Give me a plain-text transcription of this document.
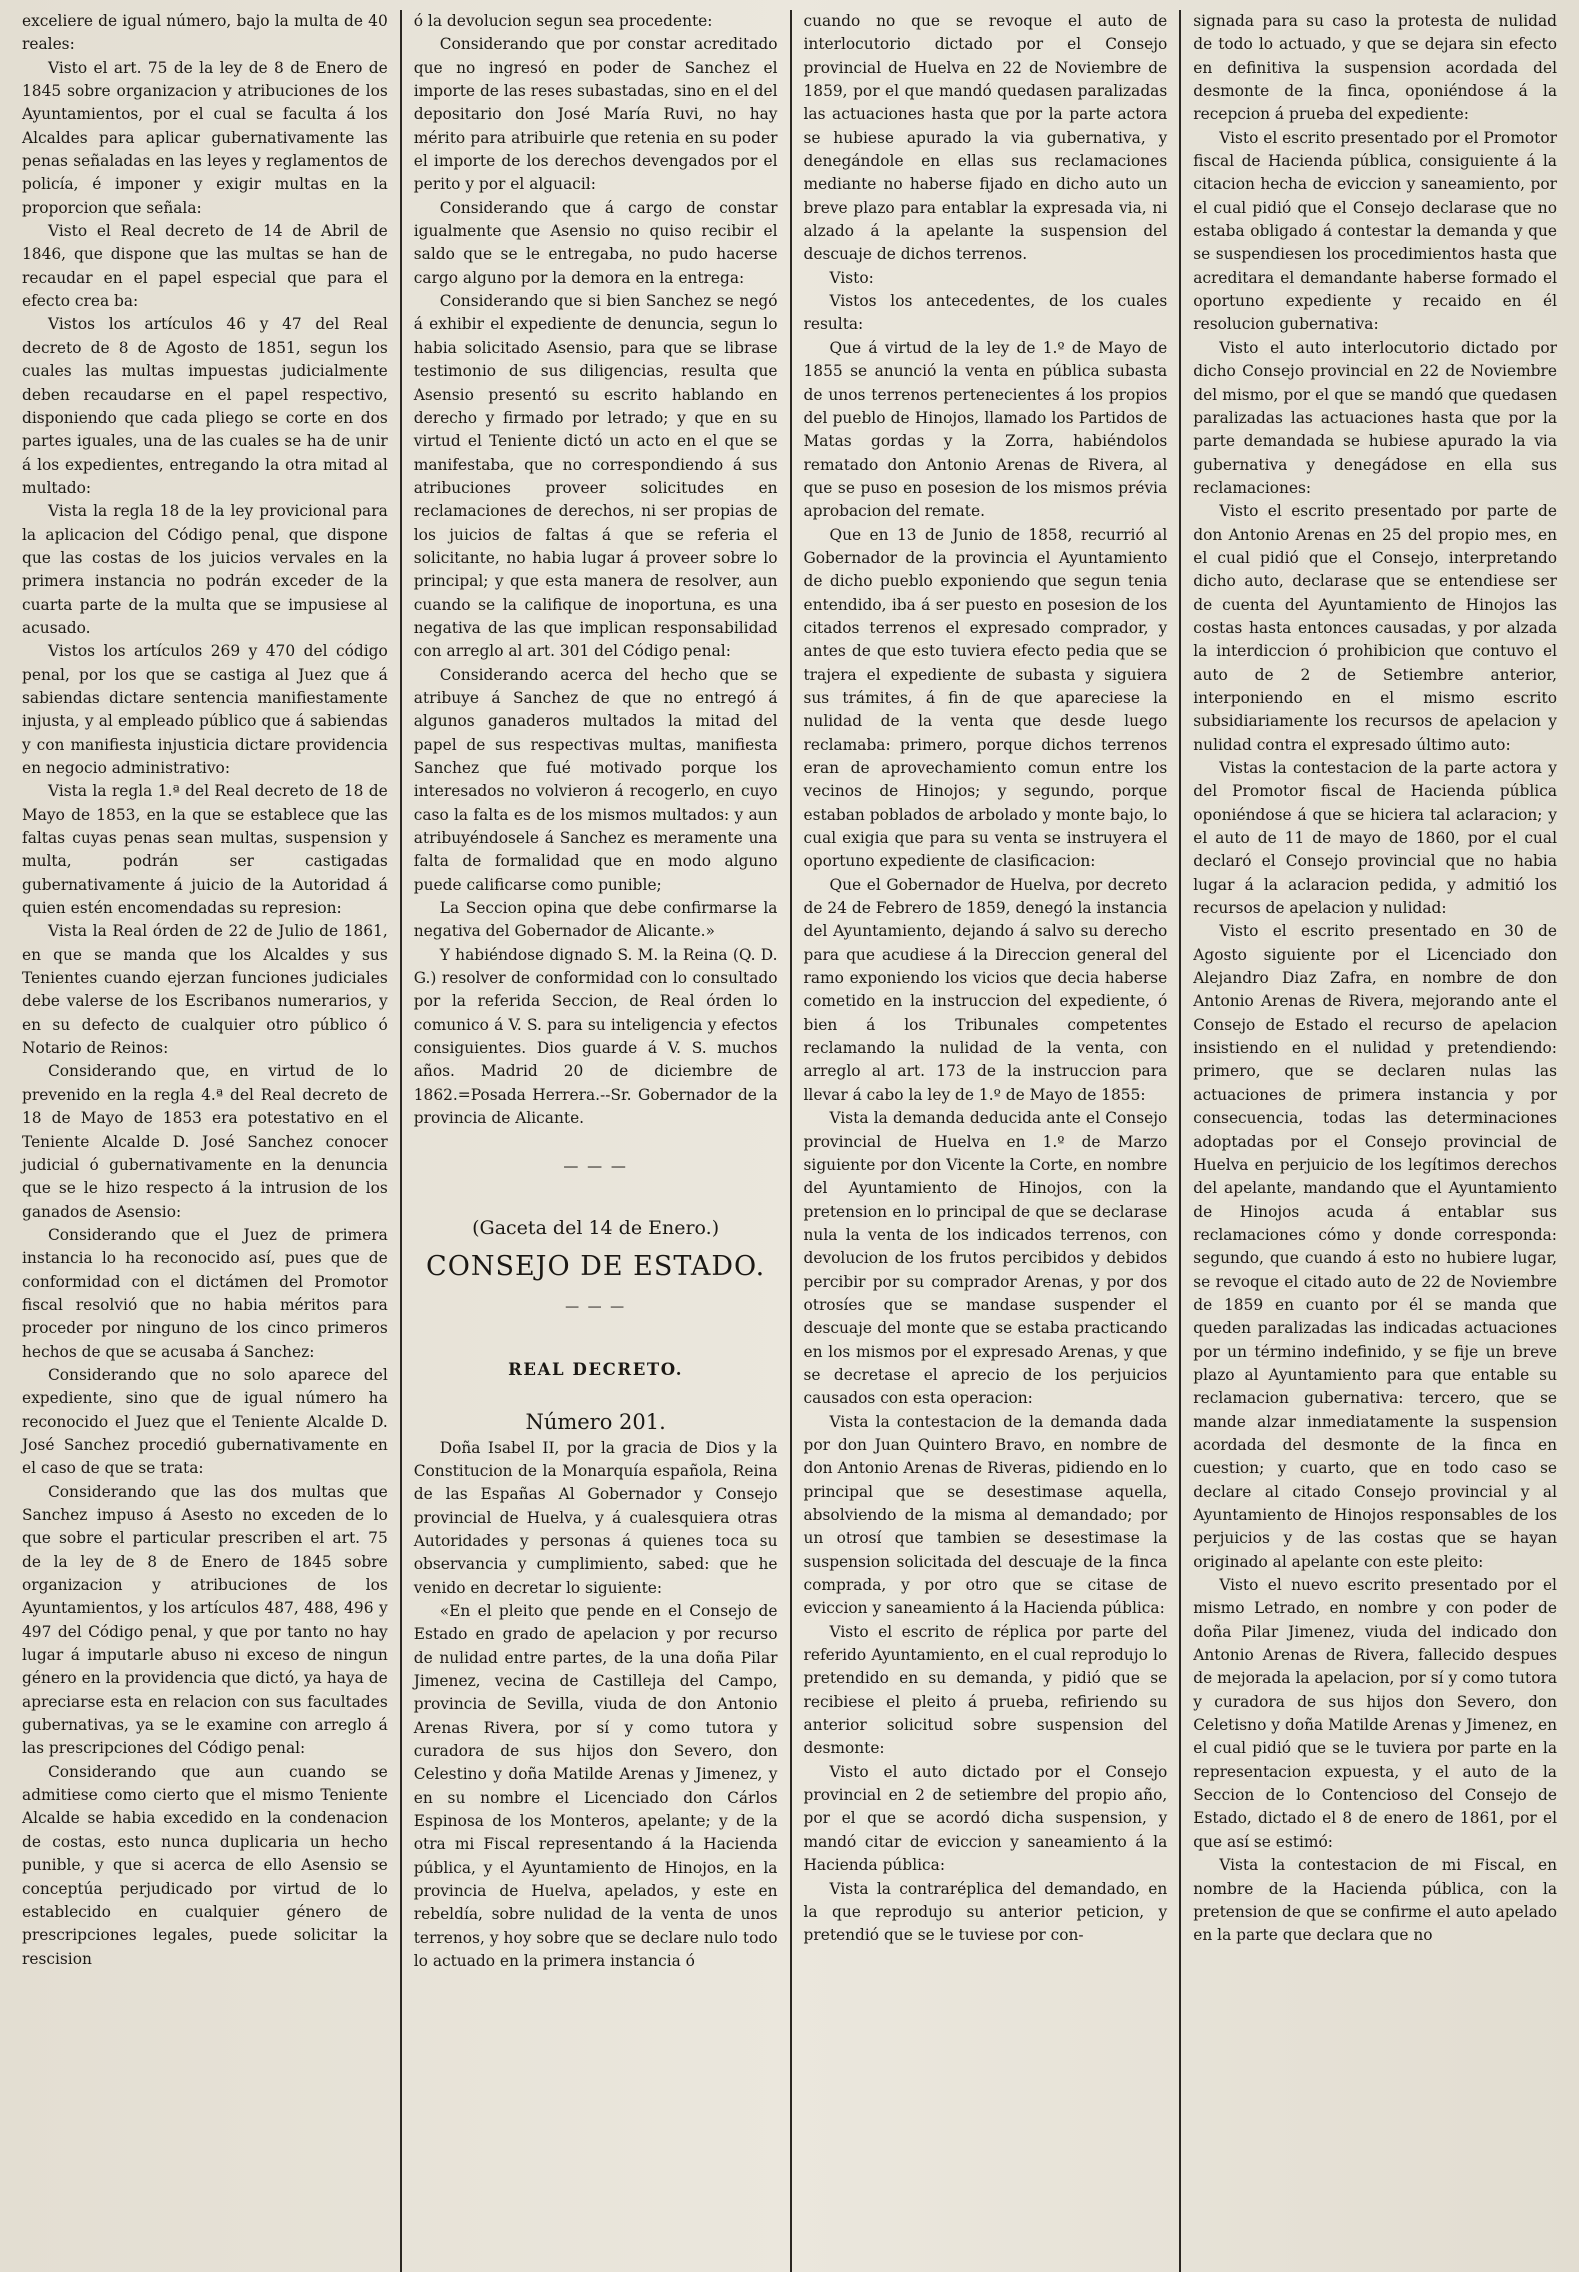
exceliere de igual número, bajo la multa de 40 reales:

Visto el art. 75 de la ley de 8 de Enero de 1845 sobre organizacion y atribuciones de los Ayuntamientos, por el cual se faculta á los Alcaldes para aplicar gubernativamente las penas señaladas en las leyes y reglamentos de policía, é imponer y exigir multas en la proporcion que señala:

Visto el Real decreto de 14 de Abril de 1846, que dispone que las multas se han de recaudar en el papel especial que para el efecto crea ba:

Vistos los artículos 46 y 47 del Real decreto de 8 de Agosto de 1851, segun los cuales las multas impuestas judicialmente deben recaudarse en el papel respectivo, disponiendo que cada pliego se corte en dos partes iguales, una de las cuales se ha de unir á los expedientes, entregando la otra mitad al multado:

Vista la regla 18 de la ley provicional para la aplicacion del Código penal, que dispone que las costas de los juicios vervales en la primera instancia no podrán exceder de la cuarta parte de la multa que se impusiese al acusado.

Vistos los artículos 269 y 470 del código penal, por los que se castiga al Juez que á sabiendas dictare sentencia manifiestamente injusta, y al empleado público que á sabiendas y con manifiesta injusticia dictare providencia en negocio administrativo:

Vista la regla 1.ª del Real decreto de 18 de Mayo de 1853, en la que se establece que las faltas cuyas penas sean multas, suspension y multa, podrán ser castigadas gubernativamente á juicio de la Autoridad á quien estén encomendadas su represion:

Vista la Real órden de 22 de Julio de 1861, en que se manda que los Alcaldes y sus Tenientes cuando ejerzan funciones judiciales debe valerse de los Escribanos numerarios, y en su defecto de cualquier otro público ó Notario de Reinos:

Considerando que, en virtud de lo prevenido en la regla 4.ª del Real decreto de 18 de Mayo de 1853 era potestativo en el Teniente Alcalde D. José Sanchez conocer judicial ó gubernativamente en la denuncia que se le hizo respecto á la intrusion de los ganados de Asensio:

Considerando que el Juez de primera instancia lo ha reconocido así, pues que de conformidad con el dictámen del Promotor fiscal resolvió que no habia méritos para proceder por ninguno de los cinco primeros hechos de que se acusaba á Sanchez:

Considerando que no solo aparece del expediente, sino que de igual número ha reconocido el Juez que el Teniente Alcalde D. José Sanchez procedió gubernativamente en el caso de que se trata:

Considerando que las dos multas que Sanchez impuso á Asesto no exceden de lo que sobre el particular prescriben el art. 75 de la ley de 8 de Enero de 1845 sobre organizacion y atribuciones de los Ayuntamientos, y los artículos 487, 488, 496 y 497 del Código penal, y que por tanto no hay lugar á imputarle abuso ni exceso de ningun género en la providencia que dictó, ya haya de apreciarse esta en relacion con sus facultades gubernativas, ya se le examine con arreglo á las prescripciones del Código penal:

Considerando que aun cuando se admitiese como cierto que el mismo Teniente Alcalde se habia excedido en la condenacion de costas, esto nunca duplicaria un hecho punible, y que si acerca de ello Asensio se conceptúa perjudicado por virtud de lo establecido en cualquier género de prescripciones legales, puede solicitar la rescision

ó la devolucion segun sea procedente:

Considerando que por constar acreditado que no ingresó en poder de Sanchez el importe de las reses subastadas, sino en el del depositario don José María Ruvi, no hay mérito para atribuirle que retenia en su poder el importe de los derechos devengados por el perito y por el alguacil:

Considerando que á cargo de constar igualmente que Asensio no quiso recibir el saldo que se le entregaba, no pudo hacerse cargo alguno por la demora en la entrega:

Considerando que si bien Sanchez se negó á exhibir el expediente de denuncia, segun lo habia solicitado Asensio, para que se librase testimonio de sus diligencias, resulta que Asensio presentó su escrito hablando en derecho y firmado por letrado; y que en su virtud el Teniente dictó un acto en el que se manifestaba, que no correspondiendo á sus atribuciones proveer solicitudes en reclamaciones de derechos, ni ser propias de los juicios de faltas á que se referia el solicitante, no habia lugar á proveer sobre lo principal; y que esta manera de resolver, aun cuando se la califique de inoportuna, es una negativa de las que implican responsabilidad con arreglo al art. 301 del Código penal:

Considerando acerca del hecho que se atribuye á Sanchez de que no entregó á algunos ganaderos multados la mitad del papel de sus respectivas multas, manifiesta Sanchez que fué motivado porque los interesados no volvieron á recogerlo, en cuyo caso la falta es de los mismos multados: y aun atribuyéndosele á Sanchez es meramente una falta de formalidad que en modo alguno puede calificarse como punible;

La Seccion opina que debe confirmarse la negativa del Gobernador de Alicante.»

Y habiéndose dignado S. M. la Reina (Q. D. G.) resolver de conformidad con lo consultado por la referida Seccion, de Real órden lo comunico á V. S. para su inteligencia y efectos consiguientes. Dios guarde á V. S. muchos años. Madrid 20 de diciembre de 1862.=Posada Herrera.--Sr. Gobernador de la provincia de Alicante.

— — —
(Gaceta del 14 de Enero.)
CONSEJO DE ESTADO.
— — —
REAL DECRETO.
Número 201.

Doña Isabel II, por la gracia de Dios y la Constitucion de la Monarquía española, Reina de las Españas Al Gobernador y Consejo provincial de Huelva, y á cualesquiera otras Autoridades y personas á quienes toca su observancia y cumplimiento, sabed: que he venido en decretar lo siguiente:

«En el pleito que pende en el Consejo de Estado en grado de apelacion y por recurso de nulidad entre partes, de la una doña Pilar Jimenez, vecina de Castilleja del Campo, provincia de Sevilla, viuda de don Antonio Arenas Rivera, por sí y como tutora y curadora de sus hijos don Severo, don Celestino y doña Matilde Arenas y Jimenez, y en su nombre el Licenciado don Cárlos Espinosa de los Monteros, apelante; y de la otra mi Fiscal representando á la Hacienda pública, y el Ayuntamiento de Hinojos, en la provincia de Huelva, apelados, y este en rebeldía, sobre nulidad de la venta de unos terrenos, y hoy sobre que se declare nulo todo lo actuado en la primera instancia ó

cuando no que se revoque el auto de interlocutorio dictado por el Consejo provincial de Huelva en 22 de Noviembre de 1859, por el que mandó quedasen paralizadas las actuaciones hasta que por la parte actora se hubiese apurado la via gubernativa, y denegándole en ellas sus reclamaciones mediante no haberse fijado en dicho auto un breve plazo para entablar la expresada via, ni alzado á la apelante la suspension del descuaje de dichos terrenos.

Visto:

Vistos los antecedentes, de los cuales resulta:

Que á virtud de la ley de 1.º de Mayo de 1855 se anunció la venta en pública subasta de unos terrenos pertenecientes á los propios del pueblo de Hinojos, llamado los Partidos de Matas gordas y la Zorra, habiéndolos rematado don Antonio Arenas de Rivera, al que se puso en posesion de los mismos prévia aprobacion del remate.

Que en 13 de Junio de 1858, recurrió al Gobernador de la provincia el Ayuntamiento de dicho pueblo exponiendo que segun tenia entendido, iba á ser puesto en posesion de los citados terrenos el expresado comprador, y antes de que esto tuviera efecto pedia que se trajera el expediente de subasta y siguiera sus trámites, á fin de que apareciese la nulidad de la venta que desde luego reclamaba: primero, porque dichos terrenos eran de aprovechamiento comun entre los vecinos de Hinojos; y segundo, porque estaban poblados de arbolado y monte bajo, lo cual exigia que para su venta se instruyera el oportuno expediente de clasificacion:

Que el Gobernador de Huelva, por decreto de 24 de Febrero de 1859, denegó la instancia del Ayuntamiento, dejando á salvo su derecho para que acudiese á la Direccion general del ramo exponiendo los vicios que decia haberse cometido en la instruccion del expediente, ó bien á los Tribunales competentes reclamando la nulidad de la venta, con arreglo al art. 173 de la instruccion para llevar á cabo la ley de 1.º de Mayo de 1855:

Vista la demanda deducida ante el Consejo provincial de Huelva en 1.º de Marzo siguiente por don Vicente la Corte, en nombre del Ayuntamiento de Hinojos, con la pretension en lo principal de que se declarase nula la venta de los indicados terrenos, con devolucion de los frutos percibidos y debidos percibir por su comprador Arenas, y por dos otrosíes que se mandase suspender el descuaje del monte que se estaba practicando en los mismos por el expresado Arenas, y que se decretase el aprecio de los perjuicios causados con esta operacion:

Vista la contestacion de la demanda dada por don Juan Quintero Bravo, en nombre de don Antonio Arenas de Riveras, pidiendo en lo principal que se desestimase aquella, absolviendo de la misma al demandado; por un otrosí que tambien se desestimase la suspension solicitada del descuaje de la finca comprada, y por otro que se citase de eviccion y saneamiento á la Hacienda pública:

Visto el escrito de réplica por parte del referido Ayuntamiento, en el cual reprodujo lo pretendido en su demanda, y pidió que se recibiese el pleito á prueba, refiriendo su anterior solicitud sobre suspension del desmonte:

Visto el auto dictado por el Consejo provincial en 2 de setiembre del propio año, por el que se acordó dicha suspension, y mandó citar de eviccion y saneamiento á la Hacienda pública:

Vista la contraréplica del demandado, en la que reprodujo su anterior peticion, y pretendió que se le tuviese por con-

signada para su caso la protesta de nulidad de todo lo actuado, y que se dejara sin efecto en definitiva la suspension acordada del desmonte de la finca, oponiéndose á la recepcion á prueba del expediente:

Visto el escrito presentado por el Promotor fiscal de Hacienda pública, consiguiente á la citacion hecha de eviccion y saneamiento, por el cual pidió que el Consejo declarase que no estaba obligado á contestar la demanda y que se suspendiesen los procedimientos hasta que acreditara el demandante haberse formado el oportuno expediente y recaido en él resolucion gubernativa:

Visto el auto interlocutorio dictado por dicho Consejo provincial en 22 de Noviembre del mismo, por el que se mandó que quedasen paralizadas las actuaciones hasta que por la parte demandada se hubiese apurado la via gubernativa y denegádose en ella sus reclamaciones:

Visto el escrito presentado por parte de don Antonio Arenas en 25 del propio mes, en el cual pidió que el Consejo, interpretando dicho auto, declarase que se entendiese ser de cuenta del Ayuntamiento de Hinojos las costas hasta entonces causadas, y por alzada la interdiccion ó prohibicion que contuvo el auto de 2 de Setiembre anterior, interponiendo en el mismo escrito subsidiariamente los recursos de apelacion y nulidad contra el expresado último auto:

Vistas la contestacion de la parte actora y del Promotor fiscal de Hacienda pública oponiéndose á que se hiciera tal aclaracion; y el auto de 11 de mayo de 1860, por el cual declaró el Consejo provincial que no habia lugar á la aclaracion pedida, y admitió los recursos de apelacion y nulidad:

Visto el escrito presentado en 30 de Agosto siguiente por el Licenciado don Alejandro Diaz Zafra, en nombre de don Antonio Arenas de Rivera, mejorando ante el Consejo de Estado el recurso de apelacion insistiendo en el nulidad y pretendiendo: primero, que se declaren nulas las actuaciones de primera instancia y por consecuencia, todas las determinaciones adoptadas por el Consejo provincial de Huelva en perjuicio de los legítimos derechos del apelante, mandando que el Ayuntamiento de Hinojos acuda á entablar sus reclamaciones cómo y donde corresponda: segundo, que cuando á esto no hubiere lugar, se revoque el citado auto de 22 de Noviembre de 1859 en cuanto por él se manda que queden paralizadas las indicadas actuaciones por un término indefinido, y se fije un breve plazo al Ayuntamiento para que entable su reclamacion gubernativa: tercero, que se mande alzar inmediatamente la suspension acordada del desmonte de la finca en cuestion; y cuarto, que en todo caso se declare al citado Consejo provincial y al Ayuntamiento de Hinojos responsables de los perjuicios y de las costas que se hayan originado al apelante con este pleito:

Visto el nuevo escrito presentado por el mismo Letrado, en nombre y con poder de doña Pilar Jimenez, viuda del indicado don Antonio Arenas de Rivera, fallecido despues de mejorada la apelacion, por sí y como tutora y curadora de sus hijos don Severo, don Celetisno y doña Matilde Arenas y Jimenez, en el cual pidió que se le tuviera por parte en la representacion expuesta, y el auto de la Seccion de lo Contencioso del Consejo de Estado, dictado el 8 de enero de 1861, por el que así se estimó:

Vista la contestacion de mi Fiscal, en nombre de la Hacienda pública, con la pretension de que se confirme el auto apelado en la parte que declara que no
